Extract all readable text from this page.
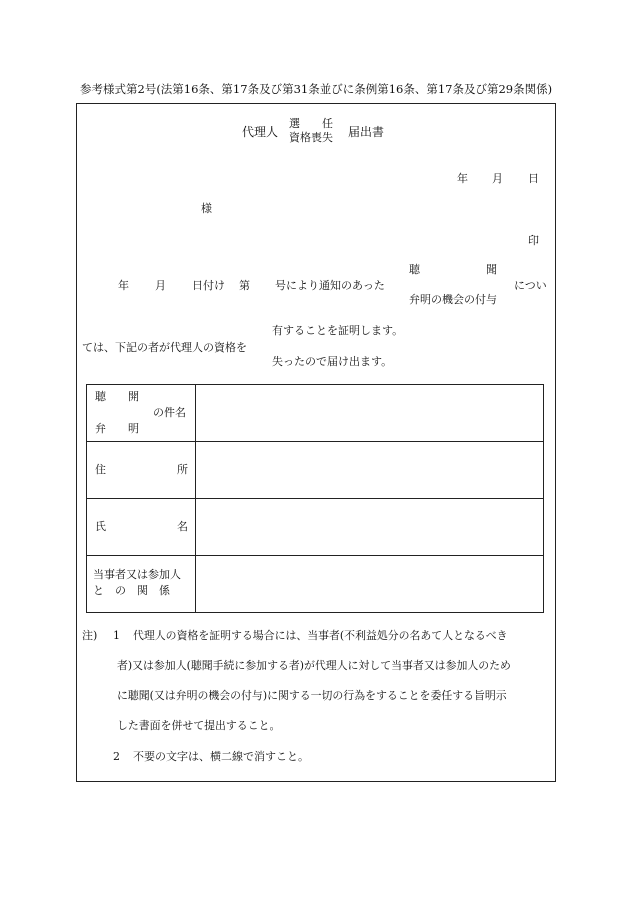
参考様式第2号(法第16条、第17条及び第31条並びに条例第16条、第17条及び第29条関係)
代理人
選　　任
資格喪失 届出書
年 月 日
様
印
年 月 日付け 第 号により通知のあった
聴　　　　　　聞
弁明の機会の付与
につい
ては、下記の者が代理人の資格を
有することを証明します。
失ったので届け出ます。
聴　　開
の件名
弁　　明
住	所
氏	名
当事者又は参加人
と　の　関　係
注) 1 代理人の資格を証明する場合には、当事者(不利益処分の名あて人となるべき
者)又は参加人(聴聞手続に参加する者)が代理人に対して当事者又は参加人のため
に聴聞(又は弁明の機会の付与)に関する一切の行為をすることを委任する旨明示
した書面を併せて提出すること。
2 不要の文字は、横二線で消すこと。
